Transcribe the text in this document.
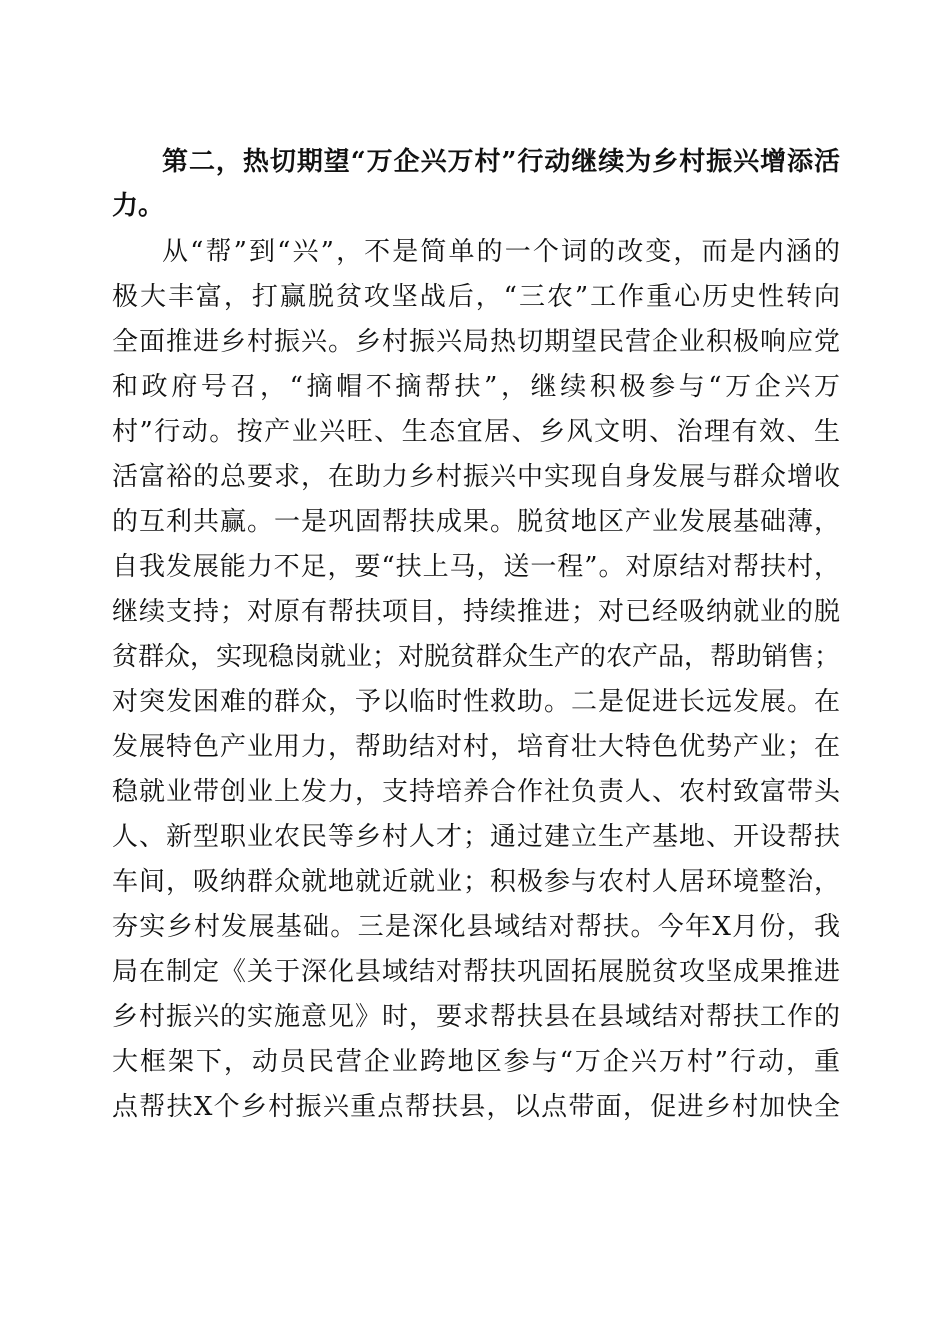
第二，热切期望“万企兴万村”行动继续为乡村振兴增添活
力。
从“帮”到“兴”，不是简单的一个词的改变，而是内涵的
极大丰富，打赢脱贫攻坚战后，“三农”工作重心历史性转向
全面推进乡村振兴。乡村振兴局热切期望民营企业积极响应党
和政府号召，“摘帽不摘帮扶”，继续积极参与“万企兴万
村”行动。按产业兴旺、生态宜居、乡风文明、治理有效、生
活富裕的总要求，在助力乡村振兴中实现自身发展与群众增收
的互利共赢。一是巩固帮扶成果。脱贫地区产业发展基础薄，
自我发展能力不足，要“扶上马，送一程”。对原结对帮扶村，
继续支持；对原有帮扶项目，持续推进；对已经吸纳就业的脱
贫群众，实现稳岗就业；对脱贫群众生产的农产品，帮助销售；
对突发困难的群众，予以临时性救助。二是促进长远发展。在
发展特色产业用力，帮助结对村，培育壮大特色优势产业；在
稳就业带创业上发力，支持培养合作社负责人、农村致富带头
人、新型职业农民等乡村人才；通过建立生产基地、开设帮扶
车间，吸纳群众就地就近就业；积极参与农村人居环境整治，
夯实乡村发展基础。三是深化县域结对帮扶。今年X月份，我
局在制定《关于深化县域结对帮扶巩固拓展脱贫攻坚成果推进
乡村振兴的实施意见》时，要求帮扶县在县域结对帮扶工作的
大框架下，动员民营企业跨地区参与“万企兴万村”行动，重
点帮扶X个乡村振兴重点帮扶县，以点带面，促进乡村加快全
